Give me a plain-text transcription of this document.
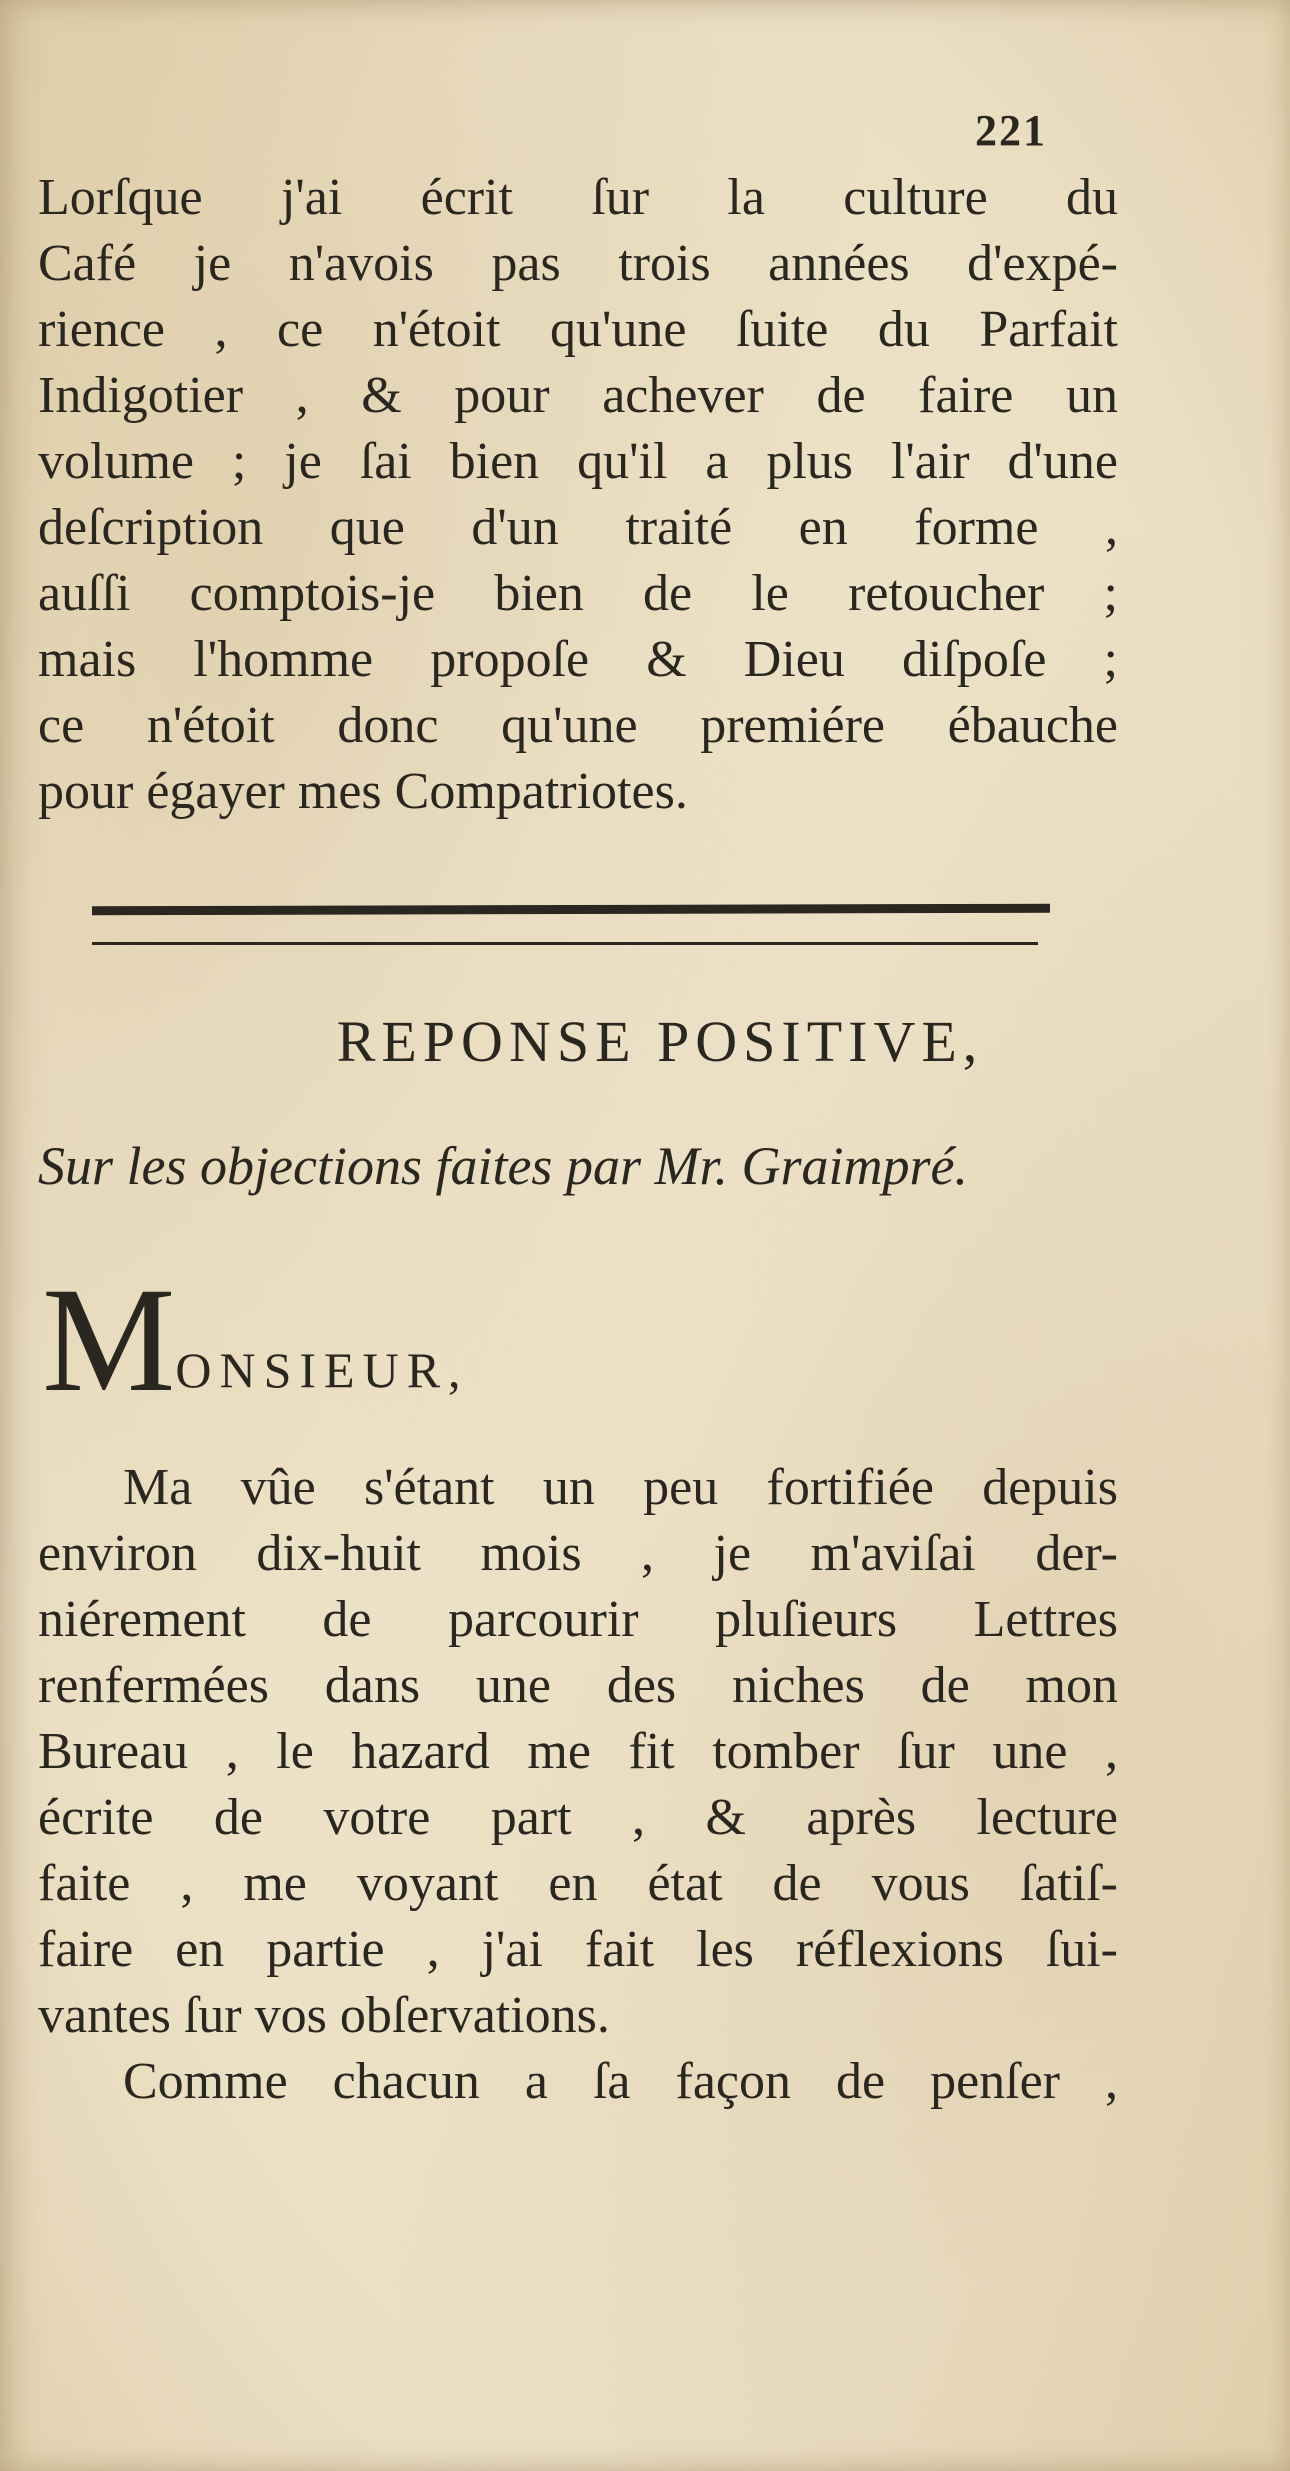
221
Lorſque j'ai écrit ſur la culture du
Café je n'avois pas trois années d'expé-
rience , ce n'étoit qu'une ſuite du Parfait
Indigotier , & pour achever de faire un
volume ; je ſai bien qu'il a plus l'air d'une
deſcription que d'un traité en forme ,
auſſi comptois-je bien de le retoucher ;
mais l'homme propoſe & Dieu diſpoſe ;
ce n'étoit donc qu'une premiére ébauche
pour égayer mes Compatriotes.
REPONSE POSITIVE,
Sur les objections faites par Mr. Graimpré.
MONSIEUR,
Ma vûe s'étant un peu fortifiée depuis
environ dix-huit mois , je m'aviſai der-
niérement de parcourir pluſieurs Lettres
renfermées dans une des niches de mon
Bureau , le hazard me fit tomber ſur une ,
écrite de votre part , & après lecture
faite , me voyant en état de vous ſatiſ-
faire en partie , j'ai fait les réflexions ſui-
vantes ſur vos obſervations.
Comme chacun a ſa façon de penſer ,
